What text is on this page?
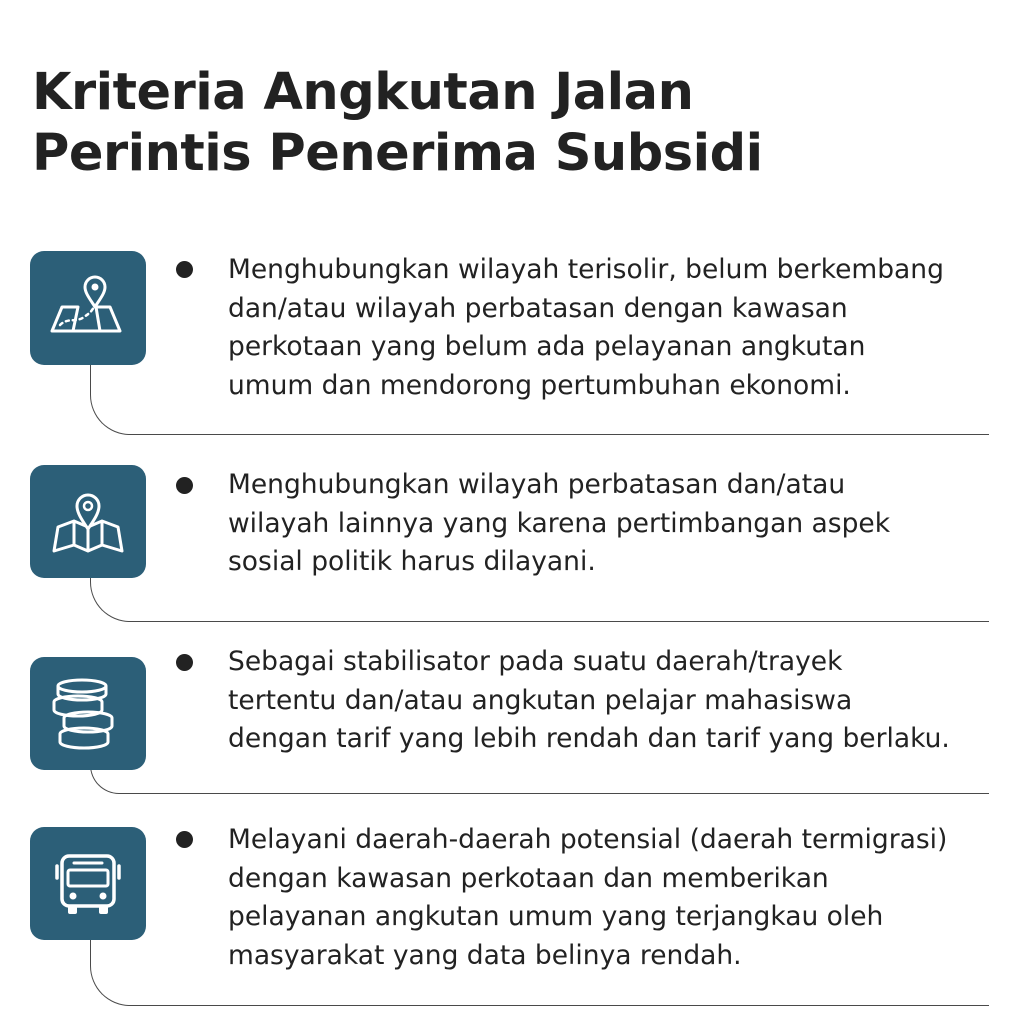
Kriteria Angkutan Jalan
Perintis Penerima Subsidi
Menghubungkan wilayah terisolir, belum berkembang
dan/atau wilayah perbatasan dengan kawasan
perkotaan yang belum ada pelayanan angkutan
umum dan mendorong pertumbuhan ekonomi.
Menghubungkan wilayah perbatasan dan/atau
wilayah lainnya yang karena pertimbangan aspek
sosial politik harus dilayani.
Sebagai stabilisator pada suatu daerah/trayek
tertentu dan/atau angkutan pelajar mahasiswa
dengan tarif yang lebih rendah dan tarif yang berlaku.
Melayani daerah-daerah potensial (daerah termigrasi)
dengan kawasan perkotaan dan memberikan
pelayanan angkutan umum yang terjangkau oleh
masyarakat yang data belinya rendah.
